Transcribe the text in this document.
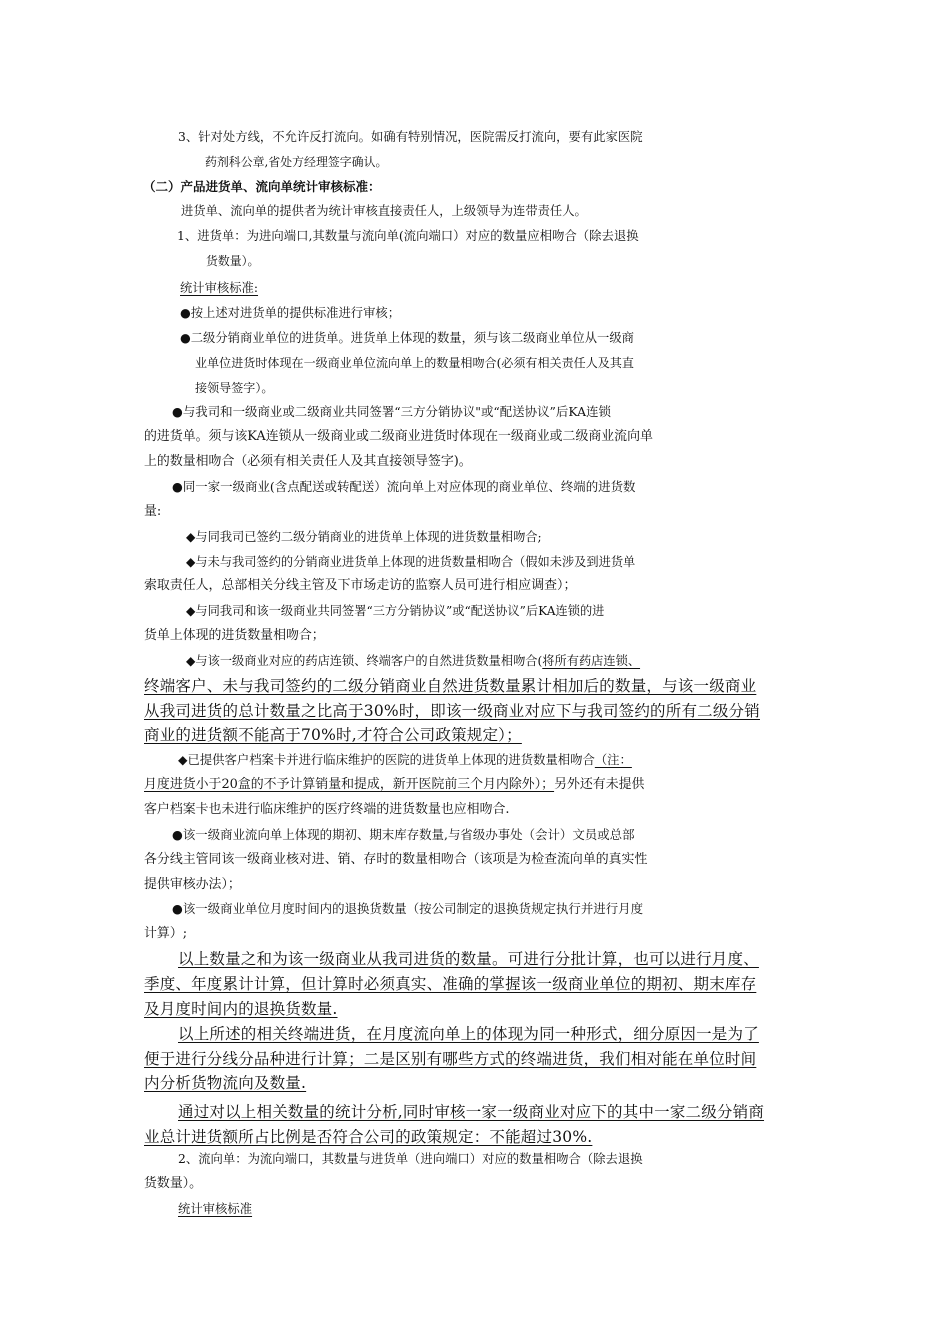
3、针对处方线，不允许反打流向。如确有特别情况，医院需反打流向，要有此家医院
药剂科公章,省处方经理签字确认。
（二）产品进货单、流向单统计审核标准：
进货单、流向单的提供者为统计审核直接责任人，上级领导为连带责任人。
1、进货单：为进向端口,其数量与流向单(流向端口）对应的数量应相吻合（除去退换
货数量）。
统计审核标准:
●按上述对进货单的提供标准进行审核；
●二级分销商业单位的进货单。进货单上体现的数量，须与该二级商业单位从一级商
业单位进货时体现在一级商业单位流向单上的数量相吻合(必须有相关责任人及其直
接领导签字）。
●与我司和一级商业或二级商业共同签署“三方分销协议"或“配送协议”后KA连锁
的进货单。须与该KA连锁从一级商业或二级商业进货时体现在一级商业或二级商业流向单
上的数量相吻合（必须有相关责任人及其直接领导签字)。
●同一家一级商业(含点配送或转配送）流向单上对应体现的商业单位、终端的进货数
量:
◆与同我司已签约二级分销商业的进货单上体现的进货数量相吻合;
◆与未与我司签约的分销商业进货单上体现的进货数量相吻合（假如未涉及到进货单
索取责任人，总部相关分线主管及下市场走访的监察人员可进行相应调查）；
◆与同我司和该一级商业共同签署“三方分销协议”或“配送协议”后KA连锁的进
货单上体现的进货数量相吻合；
◆与该一级商业对应的药店连锁、终端客户的自然进货数量相吻合(将所有药店连锁、
终端客户、未与我司签约的二级分销商业自然进货数量累计相加后的数量，与该一级商业
从我司进货的总计数量之比高于30%时，即该一级商业对应下与我司签约的所有二级分销
商业的进货额不能高于70%时,才符合公司政策规定）；
◆已提供客户档案卡并进行临床维护的医院的进货单上体现的进货数量相吻合（注：
月度进货小于20盒的不予计算销量和提成，新开医院前三个月内除外）；另外还有未提供
客户档案卡也未进行临床维护的医疗终端的进货数量也应相吻合.
●该一级商业流向单上体现的期初、期末库存数量,与省级办事处（会计）文员或总部
各分线主管同该一级商业核对进、销、存时的数量相吻合（该项是为检查流向单的真实性
提供审核办法）；
●该一级商业单位月度时间内的退换货数量（按公司制定的退换货规定执行并进行月度
计算）;
以上数量之和为该一级商业从我司进货的数量。可进行分批计算，也可以进行月度、
季度、年度累计计算，但计算时必须真实、准确的掌握该一级商业单位的期初、期末库存
及月度时间内的退换货数量.
以上所述的相关终端进货，在月度流向单上的体现为同一种形式，细分原因一是为了
便于进行分线分品种进行计算；二是区别有哪些方式的终端进货，我们相对能在单位时间
内分析货物流向及数量.
通过对以上相关数量的统计分析,同时审核一家一级商业对应下的其中一家二级分销商
业总计进货额所占比例是否符合公司的政策规定：不能超过30%.
2、流向单：为流向端口，其数量与进货单（进向端口）对应的数量相吻合（除去退换
货数量）。
统计审核标准
